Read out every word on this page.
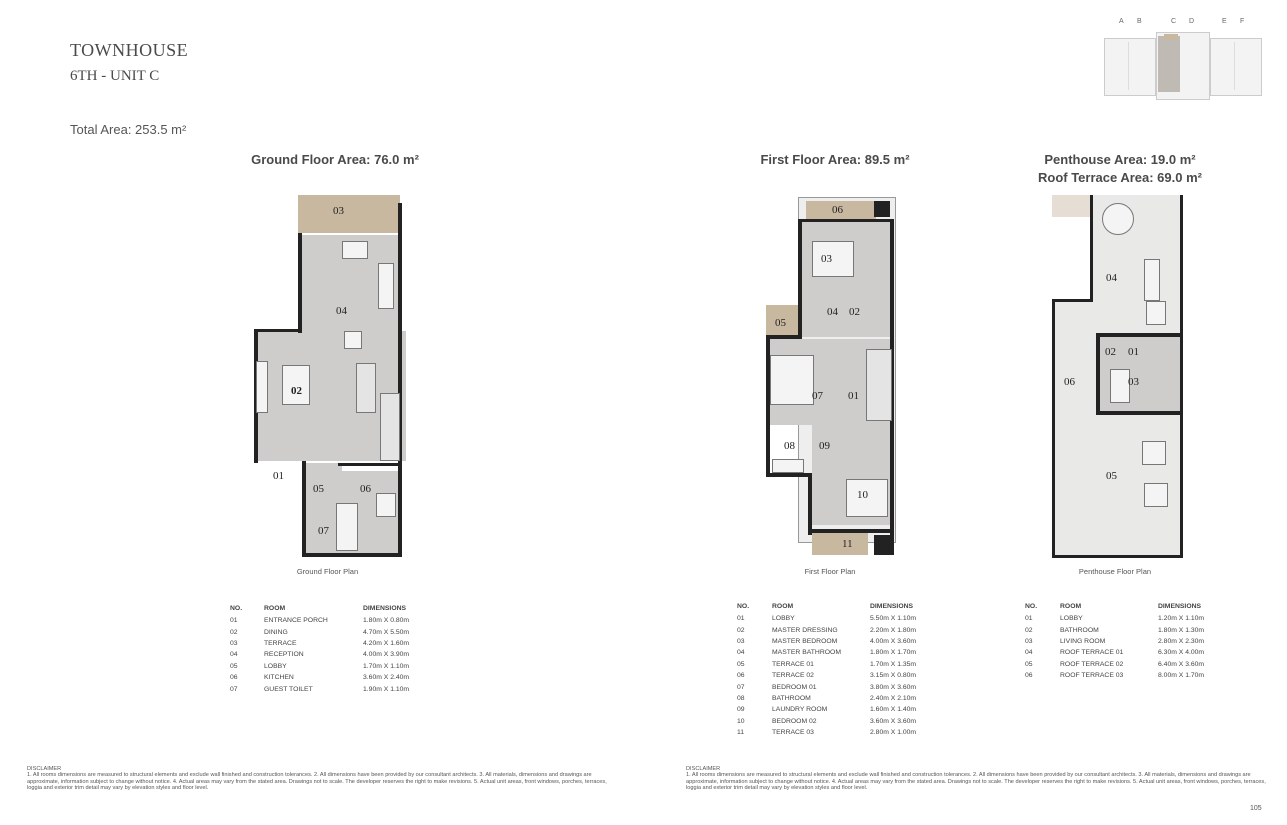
TOWNHOUSE
6TH - UNIT C
Total Area: 253.5 m²
A B	C D	E F
Ground Floor Area: 76.0 m²	First Floor Area: 89.5 m²	Penthouse Area: 19.0 m²
Roof Terrace Area: 69.0 m²
03
04
02
01
05	06
07
Ground Floor Plan
06
03
04 02
05
07 01
08 09
10
11
First Floor Plan
04
02 01
03
06
05
Penthouse Floor Plan
NO.	ROOM	DIMENSIONS
01	ENTRANCE PORCH	1.80m X 0.80m
02	DINING	4.70m X 5.50m
03	TERRACE	4.20m X 1.60m
04	RECEPTION	4.00m X 3.90m
05	LOBBY	1.70m X 1.10m
06	KITCHEN	3.60m X 2.40m
07	GUEST TOILET	1.90m X 1.10m
NO.	ROOM	DIMENSIONS
01	LOBBY	5.50m X 1.10m
02	MASTER DRESSING	2.20m X 1.80m
03	MASTER BEDROOM	4.00m X 3.60m
04	MASTER BATHROOM	1.80m X 1.70m
05	TERRACE 01	1.70m X 1.35m
06	TERRACE 02	3.15m X 0.80m
07	BEDROOM 01	3.80m X 3.60m
08	BATHROOM	2.40m X 2.10m
09	LAUNDRY ROOM	1.60m X 1.40m
10	BEDROOM 02	3.60m X 3.60m
11	TERRACE 03	2.80m X 1.00m
NO.	ROOM	DIMENSIONS
01	LOBBY	1.20m X 1.10m
02	BATHROOM	1.80m X 1.30m
03	LIVING ROOM	2.80m X 2.30m
04	ROOF TERRACE 01	6.30m X 4.00m
05	ROOF TERRACE 02	6.40m X 3.60m
06	ROOF TERRACE 03	8.00m X 1.70m
DISCLAIMER
1. All rooms dimensions are measured to structural elements and exclude wall finished and construction tolerances. 2. All dimensions have been provided by our consultant architects. 3. All materials, dimensions and drawings are approximate, information subject to change without notice. 4. Actual areas may vary from the stated area. Drawings not to scale. The developer reserves the right to make revisions. 5. Actual unit areas, front windows, porches, terraces, loggia and exterior trim detail may vary by elevation styles and floor level.
DISCLAIMER
1. All rooms dimensions are measured to structural elements and exclude wall finished and construction tolerances. 2. All dimensions have been provided by our consultant architects. 3. All materials, dimensions and drawings are approximate, information subject to change without notice. 4. Actual areas may vary from the stated area. Drawings not to scale. The developer reserves the right to make revisions. 5. Actual unit areas, front windows, porches, terraces, loggia and exterior trim detail may vary by elevation styles and floor level.
105
